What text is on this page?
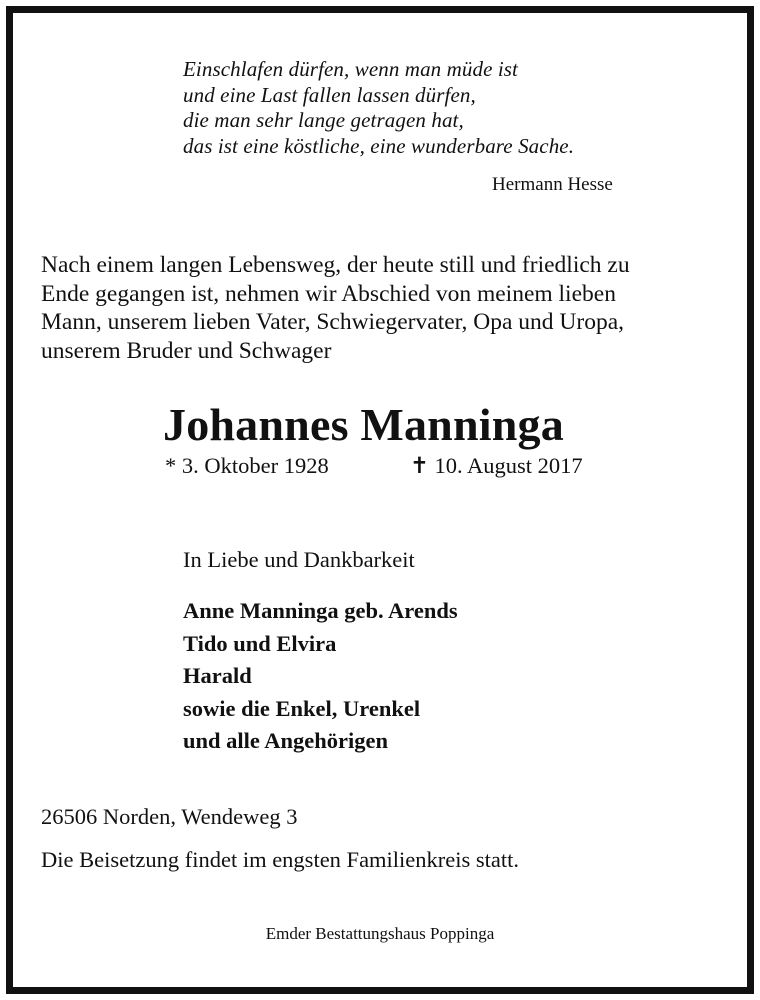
Einschlafen dürfen, wenn man müde ist
und eine Last fallen lassen dürfen,
die man sehr lange getragen hat,
das ist eine köstliche, eine wunderbare Sache.
Hermann Hesse
Nach einem langen Lebensweg, der heute still und friedlich zu
Ende gegangen ist, nehmen wir Abschied von meinem lieben
Mann, unserem lieben Vater, Schwiegervater, Opa und Uropa,
unserem Bruder und Schwager
Johannes Manninga
* 3. Oktober 1928	✝ 10. August 2017
In Liebe und Dankbarkeit
Anne Manninga geb. Arends
Tido und Elvira
Harald
sowie die Enkel, Urenkel
und alle Angehörigen
26506 Norden, Wendeweg 3
Die Beisetzung findet im engsten Familienkreis statt.
Emder Bestattungshaus Poppinga
